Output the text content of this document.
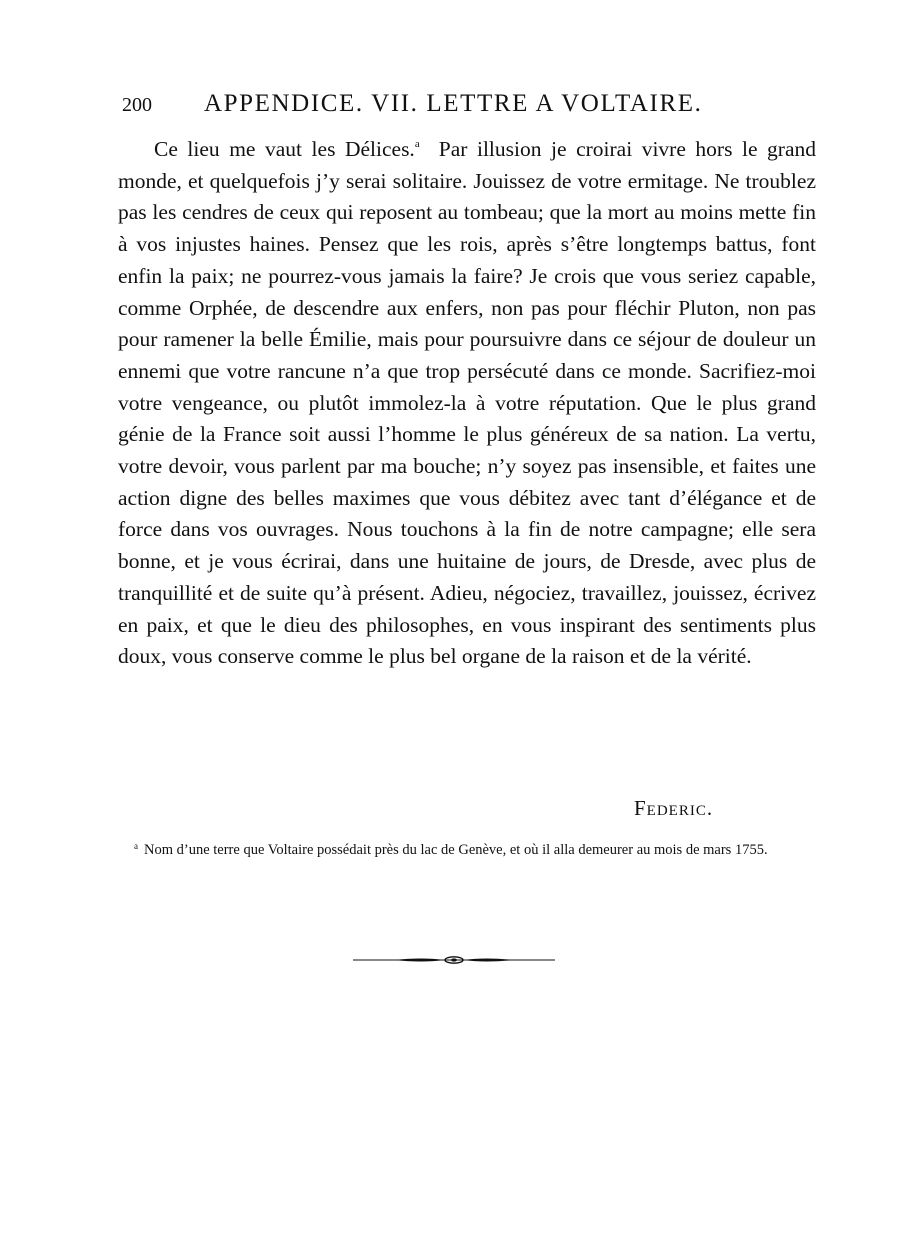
200 APPENDICE. VII. LETTRE A VOLTAIRE.

Ce lieu me vaut les Délices.$^a$ Par illusion je croirai vivre hors le grand monde, et quelquefois j’y serai solitaire. Jouissez de votre ermitage. Ne troublez pas les cendres de ceux qui reposent au tombeau; que la mort au moins mette fin à vos injustes haines. Pensez que les rois, après s’être longtemps battus, font enfin la paix; ne pourrez-vous jamais la faire? Je crois que vous seriez capable, comme Orphée, de descendre aux enfers, non pas pour fléchir Pluton, non pas pour ramener la belle Émilie, mais pour poursuivre dans ce séjour de douleur un ennemi que votre rancune n’a que trop persécuté dans ce monde. Sacrifiez-moi votre vengeance, ou plutôt immolez-la à votre réputation. Que le plus grand génie de la France soit aussi l’homme le plus généreux de sa nation. La vertu, votre devoir, vous parlent par ma bouche; n’y soyez pas insensible, et faites une action digne des belles maximes que vous débitez avec tant d’élégance et de force dans vos ouvrages. Nous touchons à la fin de notre campagne; elle sera bonne, et je vous écrirai, dans une huitaine de jours, de Dresde, avec plus de tranquillité et de suite qu’à présent. Adieu, négociez, travaillez, jouissez, écrivez en paix, et que le dieu des philosophes, en vous inspirant des sentiments plus doux, vous conserve comme le plus bel organe de la raison et de la vérité.

Federic.
$^a$ Nom d’une terre que Voltaire possédait près du lac de Genève, et où il alla demeurer au mois de mars 1755.
